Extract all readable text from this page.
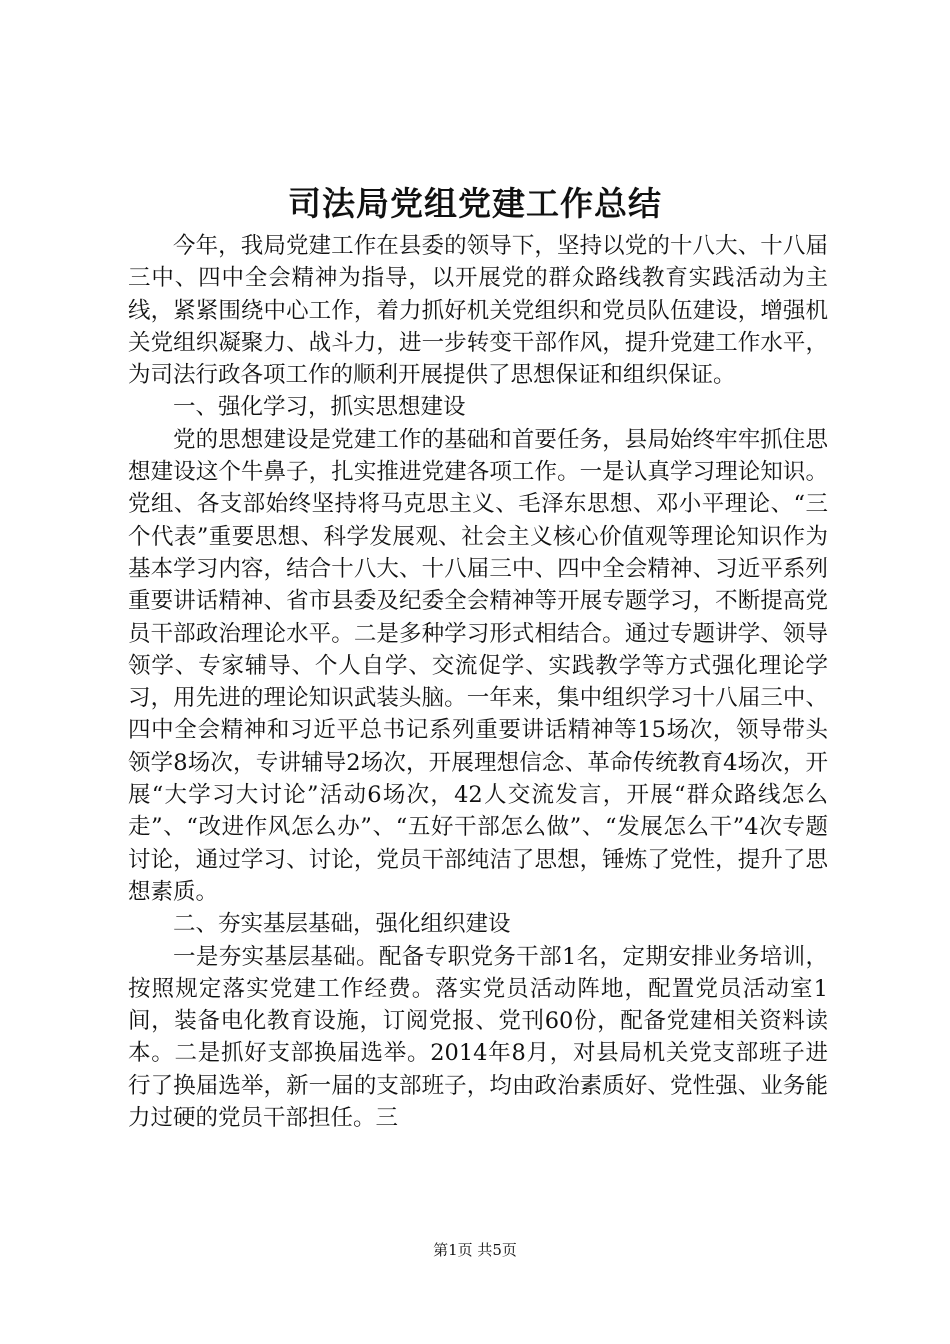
司法局党组党建工作总结

今年，我局党建工作在县委的领导下，坚持以党的十八大、十八届三中、四中全会精神为指导，以开展党的群众路线教育实践活动为主线，紧紧围绕中心工作，着力抓好机关党组织和党员队伍建设，增强机关党组织凝聚力、战斗力，进一步转变干部作风，提升党建工作水平，为司法行政各项工作的顺利开展提供了思想保证和组织保证。

一、强化学习，抓实思想建设

党的思想建设是党建工作的基础和首要任务，县局始终牢牢抓住思想建设这个牛鼻子，扎实推进党建各项工作。一是认真学习理论知识。党组、各支部始终坚持将马克思主义、毛泽东思想、邓小平理论、“三个代表”重要思想、科学发展观、社会主义核心价值观等理论知识作为基本学习内容，结合十八大、十八届三中、四中全会精神、习近平系列重要讲话精神、省市县委及纪委全会精神等开展专题学习，不断提高党员干部政治理论水平。二是多种学习形式相结合。通过专题讲学、领导领学、专家辅导、个人自学、交流促学、实践教学等方式强化理论学习，用先进的理论知识武装头脑。一年来，集中组织学习十八届三中、四中全会精神和习近平总书记系列重要讲话精神等15场次，领导带头领学8场次，专讲辅导2场次，开展理想信念、革命传统教育4场次，开展“大学习大讨论”活动6场次，42人交流发言，开展“群众路线怎么走”、“改进作风怎么办”、“五好干部怎么做”、“发展怎么干”4次专题讨论，通过学习、讨论，党员干部纯洁了思想，锤炼了党性，提升了思想素质。

二、夯实基层基础，强化组织建设

一是夯实基层基础。配备专职党务干部1名，定期安排业务培训，按照规定落实党建工作经费。落实党员活动阵地，配置党员活动室1间，装备电化教育设施，订阅党报、党刊60份，配备党建相关资料读本。二是抓好支部换届选举。2014年8月，对县局机关党支部班子进行了换届选举，新一届的支部班子，均由政治素质好、党性强、业务能力过硬的党员干部担任。三

第1页 共5页
